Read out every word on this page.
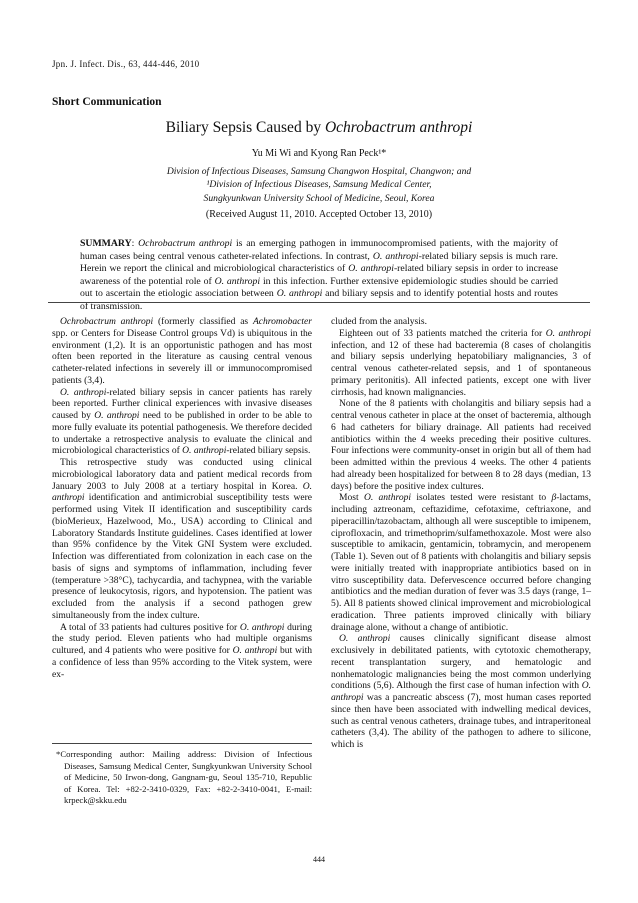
Jpn. J. Infect. Dis., 63, 444-446, 2010
Short Communication
Biliary Sepsis Caused by Ochrobactrum anthropi
Yu Mi Wi and Kyong Ran Peck¹*
Division of Infectious Diseases, Samsung Changwon Hospital, Changwon; and
¹Division of Infectious Diseases, Samsung Medical Center,
Sungkyunkwan University School of Medicine, Seoul, Korea
(Received August 11, 2010. Accepted October 13, 2010)
SUMMARY: Ochrobactrum anthropi is an emerging pathogen in immunocompromised patients, with the majority of human cases being central venous catheter-related infections. In contrast, O. anthropi-related biliary sepsis is much rare. Herein we report the clinical and microbiological characteristics of O. anthropi-related biliary sepsis in order to increase awareness of the potential role of O. anthropi in this infection. Further extensive epidemiologic studies should be carried out to ascertain the etiologic association between O. anthropi and biliary sepsis and to identify potential hosts and routes of transmission.

Ochrobactrum anthropi (formerly classified as Achromobacter spp. or Centers for Disease Control groups Vd) is ubiquitous in the environment (1,2). It is an opportunistic pathogen and has most often been reported in the literature as causing central venous catheter-related infections in severely ill or immunocompromised patients (3,4).

O. anthropi-related biliary sepsis in cancer patients has rarely been reported. Further clinical experiences with invasive diseases caused by O. anthropi need to be published in order to be able to more fully evaluate its potential pathogenesis. We therefore decided to undertake a retrospective analysis to evaluate the clinical and microbiological characteristics of O. anthropi-related biliary sepsis.

This retrospective study was conducted using clinical microbiological laboratory data and patient medical records from January 2003 to July 2008 at a tertiary hospital in Korea. O. anthropi identification and antimicrobial susceptibility tests were performed using Vitek II identification and susceptibility cards (bioMerieux, Hazelwood, Mo., USA) according to Clinical and Laboratory Standards Institute guidelines. Cases identified at lower than 95% confidence by the Vitek GNI System were excluded. Infection was differentiated from colonization in each case on the basis of signs and symptoms of inflammation, including fever (temperature >38°C), tachycardia, and tachypnea, with the variable presence of leukocytosis, rigors, and hypotension. The patient was excluded from the analysis if a second pathogen grew simultaneously from the index culture.

A total of 33 patients had cultures positive for O. anthropi during the study period. Eleven patients who had multiple organisms cultured, and 4 patients who were positive for O. anthropi but with a confidence of less than 95% according to the Vitek system, were ex-

*Corresponding author: Mailing address: Division of Infectious Diseases, Samsung Medical Center, Sungkyunkwan University School of Medicine, 50 Irwon-dong, Gangnam-gu, Seoul 135-710, Republic of Korea. Tel: +82-2-3410-0329, Fax: +82-2-3410-0041, E-mail: krpeck@skku.edu

cluded from the analysis.

Eighteen out of 33 patients matched the criteria for O. anthropi infection, and 12 of these had bacteremia (8 cases of cholangitis and biliary sepsis underlying hepatobiliary malignancies, 3 of central venous catheter-related sepsis, and 1 of spontaneous primary peritonitis). All infected patients, except one with liver cirrhosis, had known malignancies.

None of the 8 patients with cholangitis and biliary sepsis had a central venous catheter in place at the onset of bacteremia, although 6 had catheters for biliary drainage. All patients had received antibiotics within the 4 weeks preceding their positive cultures. Four infections were community-onset in origin but all of them had been admitted within the previous 4 weeks. The other 4 patients had already been hospitalized for between 8 to 28 days (median, 13 days) before the positive index cultures.

Most O. anthropi isolates tested were resistant to β-lactams, including aztreonam, ceftazidime, cefotaxime, ceftriaxone, and piperacillin/tazobactam, although all were susceptible to imipenem, ciprofloxacin, and trimethoprim/sulfamethoxazole. Most were also susceptible to amikacin, gentamicin, tobramycin, and meropenem (Table 1). Seven out of 8 patients with cholangitis and biliary sepsis were initially treated with inappropriate antibiotics based on in vitro susceptibility data. Defervescence occurred before changing antibiotics and the median duration of fever was 3.5 days (range, 1–5). All 8 patients showed clinical improvement and microbiological eradication. Three patients improved clinically with biliary drainage alone, without a change of antibiotic.

O. anthropi causes clinically significant disease almost exclusively in debilitated patients, with cytotoxic chemotherapy, recent transplantation surgery, and hematologic and nonhematologic malignancies being the most common underlying conditions (5,6). Although the first case of human infection with O. anthropi was a pancreatic abscess (7), most human cases reported since then have been associated with indwelling medical devices, such as central venous catheters, drainage tubes, and intraperitoneal catheters (3,4). The ability of the pathogen to adhere to silicone, which is

444
